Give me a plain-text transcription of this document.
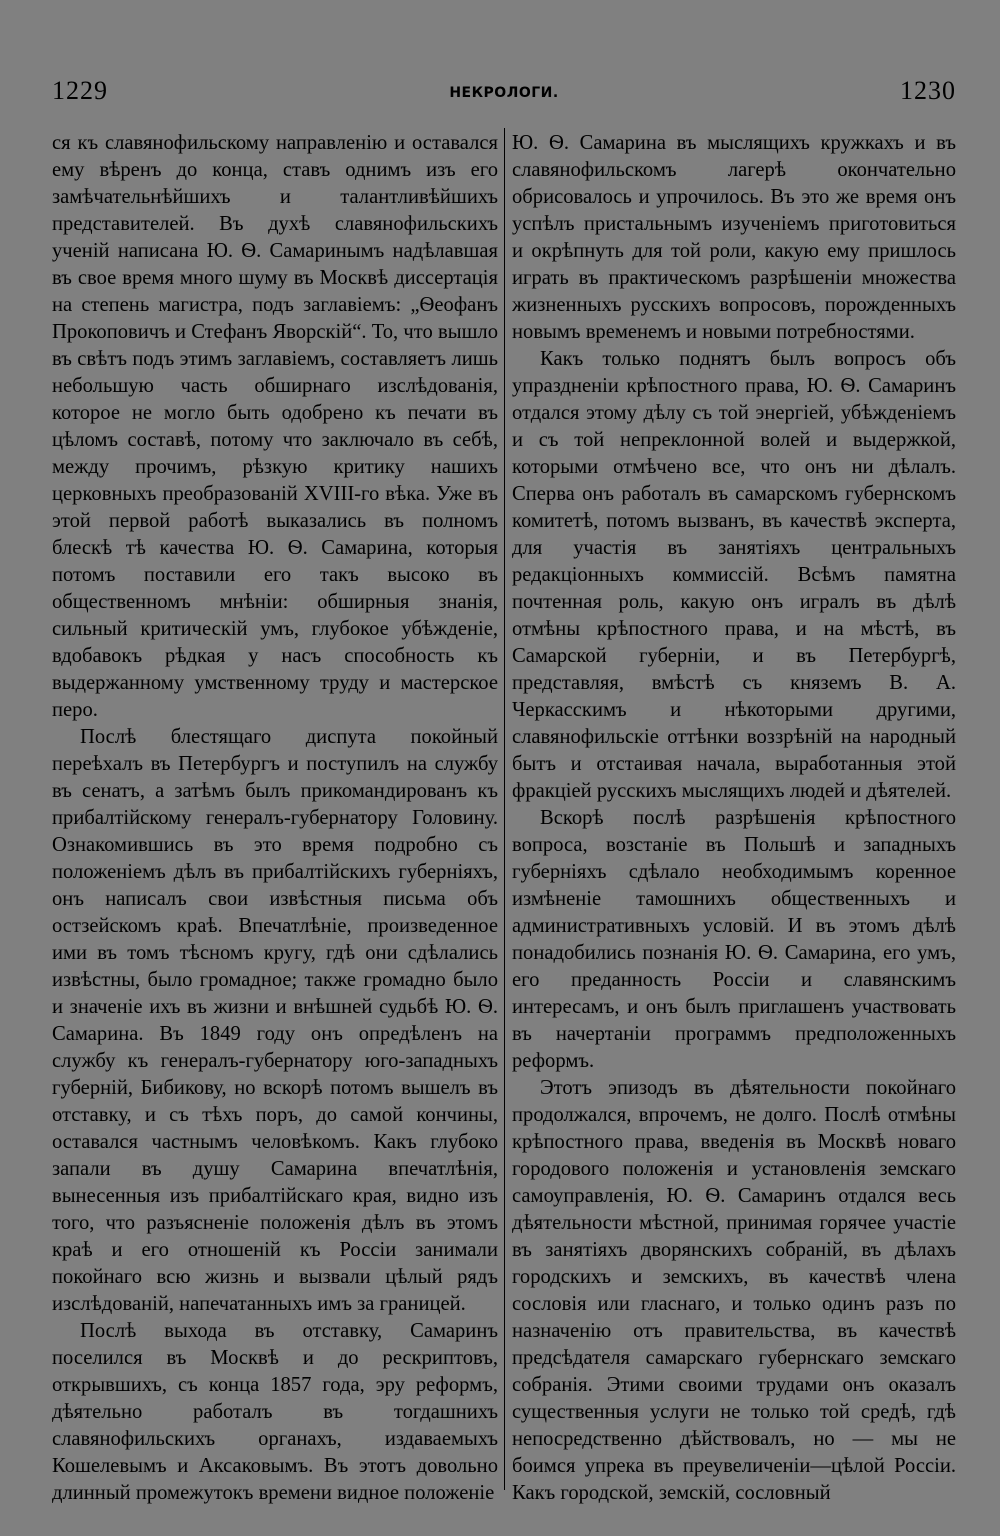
1229	НЕКРОЛОГИ.	1230

ся къ славянофильскому направленію и оставался ему вѣренъ до конца, ставъ однимъ изъ его замѣчательнѣйшихъ и талантливѣйшихъ представителей. Въ духѣ славянофильскихъ ученій написана Ю. Ѳ. Самаринымъ надѣлавшая въ свое время много шуму въ Москвѣ диссертація на степень магистра, подъ заглавіемъ: „Ѳеофанъ Прокоповичъ и Стефанъ Яворскій“. То, что вышло въ свѣтъ подъ этимъ заглавіемъ, составляетъ лишь небольшую часть обширнаго изслѣдованія, которое не могло быть одобрено къ печати въ цѣломъ составѣ, потому что заключало въ себѣ, между прочимъ, рѣзкую критику нашихъ церковныхъ преобразованій XVIII-го вѣка. Уже въ этой первой работѣ выказались въ полномъ блескѣ тѣ качества Ю. Ѳ. Самарина, которыя потомъ поставили его такъ высоко въ общественномъ мнѣніи: обширныя знанія, сильный критическій умъ, глубокое убѣжденіе, вдобавокъ рѣдкая у насъ способность къ выдержанному умственному труду и мастерское перо.

Послѣ блестящаго диспута покойный переѣхалъ въ Петербургъ и поступилъ на службу въ сенатъ, а затѣмъ былъ прикомандированъ къ прибалтійскому генералъ-губернатору Головину. Ознакомившись въ это время подробно съ положеніемъ дѣлъ въ прибалтійскихъ губерніяхъ, онъ написалъ свои извѣстныя письма объ остзейскомъ краѣ. Впечатлѣніе, произведенное ими въ томъ тѣсномъ кругу, гдѣ они сдѣлались извѣстны, было громадное; также громадно было и значеніе ихъ въ жизни и внѣшней судьбѣ Ю. Ѳ. Самарина. Въ 1849 году онъ опредѣленъ на службу къ генералъ-губернатору юго-западныхъ губерній, Бибикову, но вскорѣ потомъ вышелъ въ отставку, и съ тѣхъ поръ, до самой кончины, оставался частнымъ человѣкомъ. Какъ глубоко запали въ душу Самарина впечатлѣнія, вынесенныя изъ прибалтійскаго края, видно изъ того, что разъясненіе положенія дѣлъ въ этомъ краѣ и его отношеній къ Россіи занимали покойнаго всю жизнь и вызвали цѣлый рядъ изслѣдованій, напечатанныхъ имъ за границей.

Послѣ выхода въ отставку, Самаринъ поселился въ Москвѣ и до рескриптовъ, открывшихъ, съ конца 1857 года, эру реформъ, дѣятельно работалъ въ тогдашнихъ славянофильскихъ органахъ, издаваемыхъ Кошелевымъ и Аксаковымъ. Въ этотъ довольно длинный промежутокъ времени видное положеніе

Ю. Ѳ. Самарина въ мыслящихъ кружкахъ и въ славянофильскомъ лагерѣ окончательно обрисовалось и упрочилось. Въ это же время онъ успѣлъ пристальнымъ изученіемъ приготовиться и окрѣпнуть для той роли, какую ему пришлось играть въ практическомъ разрѣшеніи множества жизненныхъ русскихъ вопросовъ, порожденныхъ новымъ временемъ и новыми потребностями.

Какъ только поднятъ былъ вопросъ объ упраздненіи крѣпостного права, Ю. Ѳ. Самаринъ отдался этому дѣлу съ той энергіей, убѣжденіемъ и съ той непреклонной волей и выдержкой, которыми отмѣчено все, что онъ ни дѣлалъ. Сперва онъ работалъ въ самарскомъ губернскомъ комитетѣ, потомъ вызванъ, въ качествѣ эксперта, для участія въ занятіяхъ центральныхъ редакціонныхъ коммиссій. Всѣмъ памятна почтенная роль, какую онъ игралъ въ дѣлѣ отмѣны крѣпостного права, и на мѣстѣ, въ Самарской губерніи, и въ Петербургѣ, представляя, вмѣстѣ съ княземъ В. А. Черкасскимъ и нѣкоторыми другими, славянофильскіе оттѣнки воззрѣній на народный бытъ и отстаивая начала, выработанныя этой фракціей русскихъ мыслящихъ людей и дѣятелей.

Вскорѣ послѣ разрѣшенія крѣпостного вопроса, возстаніе въ Польшѣ и западныхъ губерніяхъ сдѣлало необходимымъ коренное измѣненіе тамошнихъ общественныхъ и административныхъ условій. И въ этомъ дѣлѣ понадобились познанія Ю. Ѳ. Самарина, его умъ, его преданность Россіи и славянскимъ интересамъ, и онъ былъ приглашенъ участвовать въ начертаніи программъ предположенныхъ реформъ.

Этотъ эпизодъ въ дѣятельности покойнаго продолжался, впрочемъ, не долго. Послѣ отмѣны крѣпостного права, введенія въ Москвѣ новаго городового положенія и установленія земскаго самоуправленія, Ю. Ѳ. Самаринъ отдался весь дѣятельности мѣстной, принимая горячее участіе въ занятіяхъ дворянскихъ собраній, въ дѣлахъ городскихъ и земскихъ, въ качествѣ члена сословія или гласнаго, и только одинъ разъ по назначенію отъ правительства, въ качествѣ предсѣдателя самарскаго губернскаго земскаго собранія. Этими своими трудами онъ оказалъ существенныя услуги не только той средѣ, гдѣ непосредственно дѣйствовалъ, но — мы не боимся упрека въ преувеличеніи—цѣлой Россіи. Какъ городской, земскій, сословный
